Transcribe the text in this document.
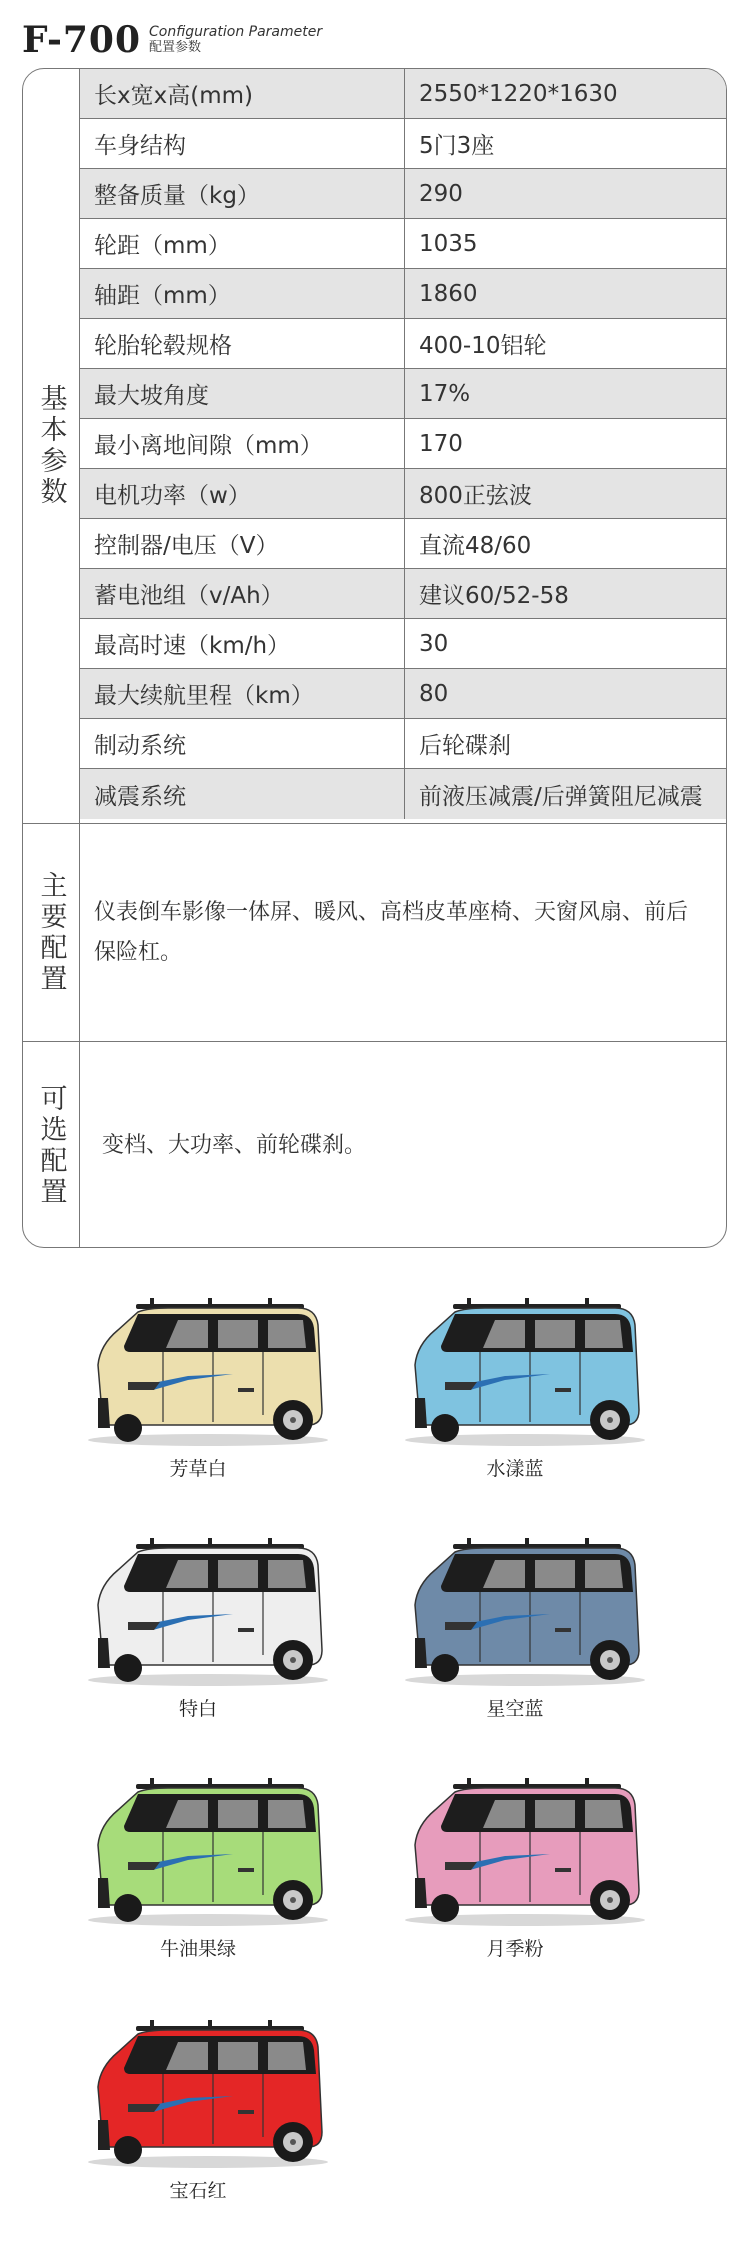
F-700 Configuration Parameter
配置参数
基本参数
长x宽x高(mm)	2550*1220*1630
车身结构	5门3座
整备质量（kg）	290
轮距（mm）	1035
轴距（mm）	1860
轮胎轮毂规格	400-10铝轮
最大坡角度	17%
最小离地间隙（mm）	170
电机功率（w）	800正弦波
控制器/电压（V）	直流48/60
蓄电池组（v/Ah）	建议60/52-58
最高时速（km/h）	30
最大续航里程（km）	80
制动系统	后轮碟刹
减震系统	前液压减震/后弹簧阻尼减震
主要配置	仪表倒车影像一体屏、暖风、高档皮革座椅、天窗风扇、前后保险杠。
可选配置	变档、大功率、前轮碟刹。
芳草白	水漾蓝
特白	星空蓝
牛油果绿	月季粉
宝石红
